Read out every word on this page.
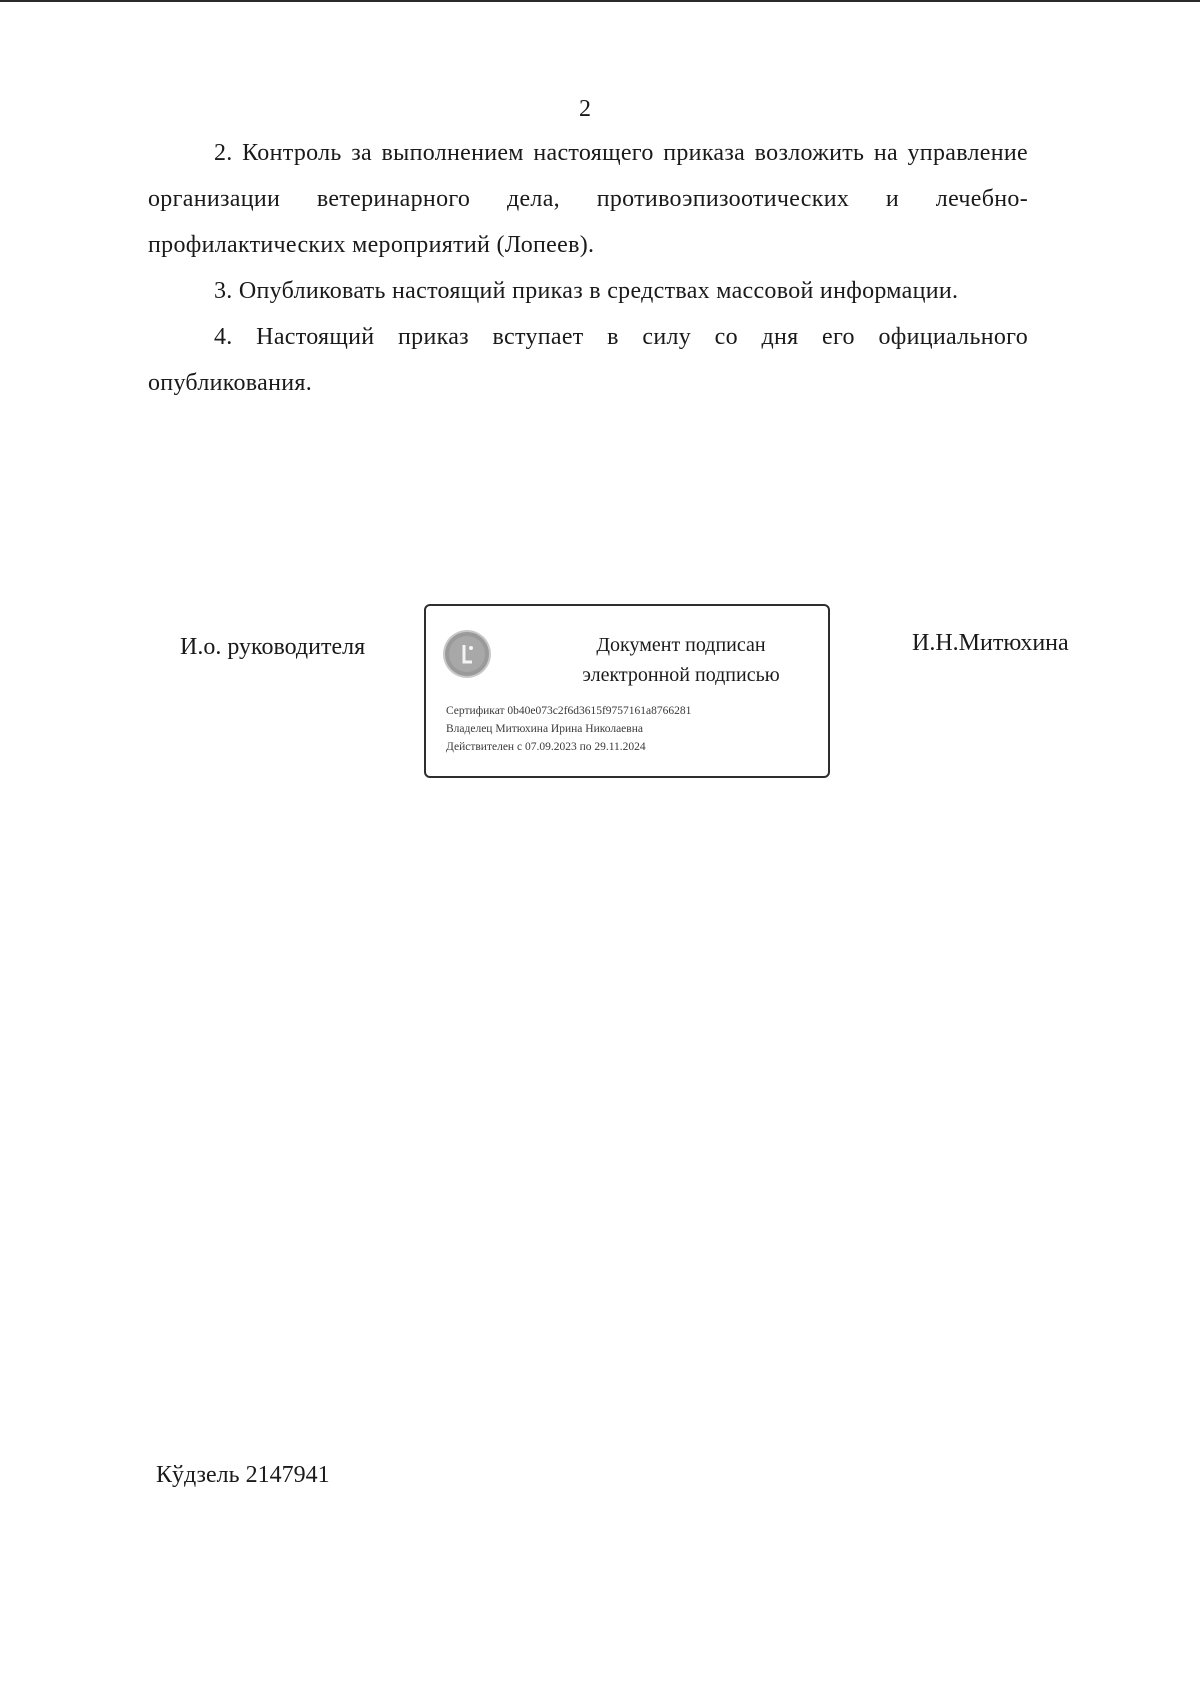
2

2. Контроль за выполнением настоящего приказа возложить на управление организации ветеринарного дела, противоэпизоотических и лечебно-профилактических мероприятий (Лопеев).

3. Опубликовать настоящий приказ в средствах массовой информации.

4. Настоящий приказ вступает в силу со дня его официального опубликования.

И.о. руководителя	Документ подписан
электронной подписью
Сертификат 0b40e073c2f6d3615f9757161a8766281
Владелец Митюхина Ирина Николаевна
Действителен с 07.09.2023 по 29.11.2024
И.Н.Митюхина
Кўдзель 2147941
